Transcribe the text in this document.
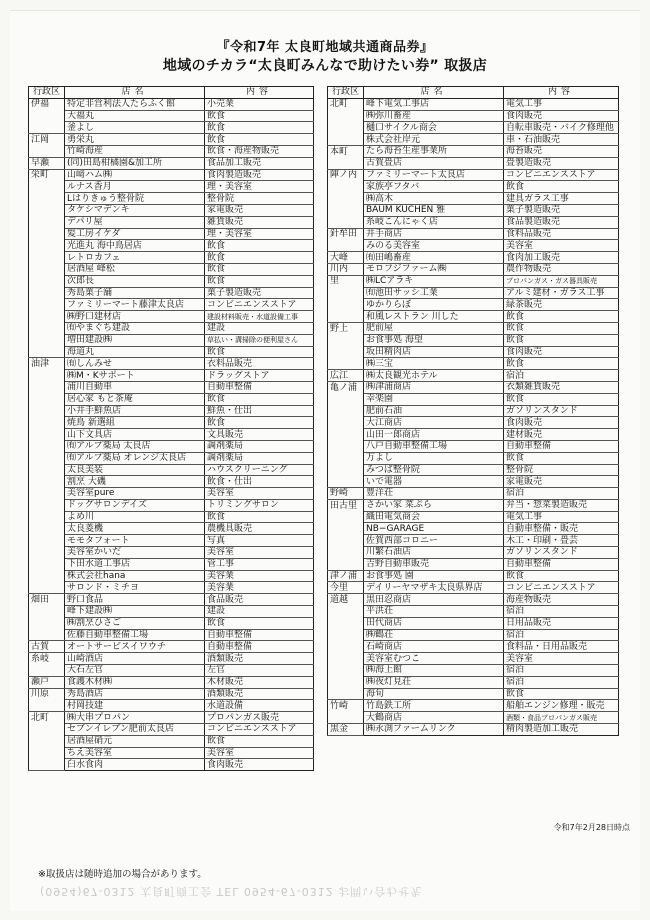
『令和7年 太良町地域共通商品券』
地域のチカラ“太良町みんなで助けたい券” 取扱店
行政区	店名	内容
伊福	特定非営利法人たらふく館	小売業
	大福丸	飲食
	釜よし	飲食
江岡	勇栄丸	飲食
	竹崎海産	飲食・海産物販売
早瀬	(同)田島柑橘園&加工所	食品加工販売
栄町	山﨑ハム㈱	食肉製造販売
	ルナス香月	理・美容室
	Lはりきゅう整骨院	整骨院
	タケシマデンキ	家電販売
	デパリ屋	雑貨販売
	髪工房イケダ	理・美容室
	光進丸 海中鳥居店	飲食
	レトロカフェ	飲食
	居酒屋 峰松	飲食
	次郎長	飲食
	秀島菓子舗	菓子製造販売
	ファミリーマート藤津太良店	コンビニエンスストア
	㈱野口建材店	建設材料販売・水道設備工事
	㈲やまぐち建設	建設
	増田建設㈱	草払い・溝掃除の便利屋さん
	海道丸	飲食
油津	㈲しんみせ	衣料品販売
	㈱M・Kサポート	ドラッグストア
	浦川自動車	自動車整備
	居心家 もと茶庵	飲食
	小井手鮮魚店	鮮魚・仕出
	焼鳥 新選組	飲食
	山下文具店	文具販売
	㈲アルプ薬局 太良店	調剤薬局
	㈲アルプ薬局 オレンジ太良店	調剤薬局
	太良美装	ハウスクリーニング
	割烹 大磯	飲食・仕出
	美容室pure	美容室
	ドッグサロンデイズ	トリミングサロン
	よめ川	飲食
	太良菱機	農機具販売
	モモタフォート	写真
	美容室かいだ	美容室
	下田水道工事店	管工事
	株式会社hana	美容業
	サロンド・ミチヨ	美容業
畑田	野口食品	食品販売
	峰下建設㈱	建設
	㈱割烹ひさご	飲食
	佐藤自動車整備工場	自動車整備
古賀	オートサービスイワウチ	自動車整備
糸岐	山崎酒店	酒類販売
	大石左官	左官
瀬戸	食護木材㈱	木材販売
川原	秀島酒店	酒類販売
	村岡技建	水道設備
北町	㈱大串プロパン	プロパンガス販売
	セブンイレブン肥前太良店	コンビニエンスストア
	居酒屋硝元	飲食
	ちえ美容室	美容室
	臼水食肉	食肉販売
行政区	店名	内容
北町	峰下電気工事店	電気工事
	㈱弥川畜産	食肉販売
	樋口サイクル商会	自転車販売・バイク修理他
	株式会社岸元	車・石油販売
本町	たら海苔生産事業所	海苔販売
	古賀畳店	畳製造販売
陣ノ内	ファミリーマート太良店	コンビニエンスストア
	家族亭フタバ	飲食
	㈱高木	建具ガラス工事
	BAUM KUCHEN 雅	菓子製造販売
	糸岐こんにゃく店	食品製造販売
針牟田	井手商店	食料品販売
	みのる美容室	美容室
大峰	㈲田嶋畜産	食肉加工販売
川内	モロフジファーム㈱	農作物販売
里	㈱LCアラキ	プロパンガス・ガス器具販売
	㈲池田サッシ工業	アルミ建材・ガラス工事
	ゆかりらぼ	緑茶販売
	和風レストラン 川した	飲食
野上	肥前屋	飲食
	お食事処 海望	飲食
	坂田精肉店	食肉販売
	㈱三宝	飲食
広江	㈱太良観光ホテル	宿泊
亀ノ浦	㈱津浦商店	衣類雑貨販売
	幸楽園	飲食
	肥前石油	ガソリンスタンド
	大江商店	食肉販売
	山田一郎商店	建材販売
	八戸自動車整備工場	自動車整備
	万よし	飲食
	みつば整骨院	整骨院
	いで電器	家電販売
野崎	豊洋荘	宿泊
田古里	さかい家 菜ぷら	弁当・惣菜製造販売
	織田電気商会	電気工事
	NB−GARAGE	自動車整備・販売
	佐賀西部コロニー	木工・印刷・畳芸
	川繁石油店	ガソリンスタンド
	吉野自動車販売	自動車整備
津ノ浦	お食事処 園	飲食
今里	デイリーヤマザキ太良県界店	コンビニエンスストア
道越	黒田忍商店	海産物販売
	平洪荘	宿泊
	田代商店	日用品販売
	㈱鶴荘	宿泊
	石崎商店	食料品・日用品販売
	美容室むつこ	美容室
	㈱海上館	宿泊
	㈱夜灯見荘	宿泊
	海旬	飲食
竹崎	竹島鉄工所	船舶エンジン修理・販売
	大鶴商店	酒類・食品プロパンガス販売
黒金	㈱永渕ファームリンク	精肉製造加工販売
令和7年2月28日時点
※取扱店は随時追加の場合があります。
(0954)67-0312 太良町商工会 TEL 0954-67-0312 お問い合わせ先
